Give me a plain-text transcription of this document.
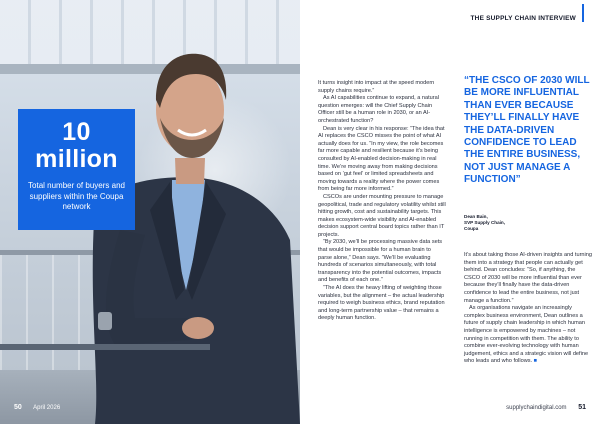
10 million
Total number of buyers and suppliers within the Coupa network
50 April 2026
THE SUPPLY CHAIN INTERVIEW

It turns insight into impact at the speed modern supply chains require.”

As AI capabilities continue to expand, a natural question emerges: will the Chief Supply Chain Officer still be a human role in 2030, or an AI-orchestrated function?

Dean is very clear in his response: “The idea that AI replaces the CSCO misses the point of what AI actually does for us. “In my view, the role becomes far more capable and resilient because it’s being consulted by AI-enabled decision-making in real time. We’re moving away from making decisions based on ‘gut feel’ or limited spreadsheets and moving towards a reality where the power comes from being far more informed.”

CSCOs are under mounting pressure to manage geopolitical, trade and regulatory volatility whilst still hitting growth, cost and sustainability targets. This makes ecosystem-wide visibility and AI-enabled decision support central board topics rather than IT projects.

“By 2030, we’ll be processing massive data sets that would be impossible for a human brain to parse alone,” Dean says. “We’ll be evaluating hundreds of scenarios simultaneously, with total transparency into the potential outcomes, impacts and benefits of each one.”

“The AI does the heavy lifting of weighting those variables, but the alignment – the actual leadership required to weigh business ethics, brand reputation and long-term partnership value – that remains a deeply human function.

“THE CSCO OF 2030 WILL BE MORE INFLUENTIAL THAN EVER BECAUSE THEY’LL FINALLY HAVE THE DATA-DRIVEN CONFIDENCE TO LEAD THE ENTIRE BUSINESS, NOT JUST MANAGE A FUNCTION”
Dean Bain,
SVP Supply Chain,
Coupa

It’s about taking those AI-driven insights and turning them into a strategy that people can actually get behind. Dean concludes: “So, if anything, the CSCO of 2030 will be more influential than ever because they’ll finally have the data-driven confidence to lead the entire business, not just manage a function.”

As organisations navigate an increasingly complex business environment, Dean outlines a future of supply chain leadership in which human intelligence is empowered by machines – not running in competition with them. The ability to combine ever-evolving technology with human judgement, ethics and a strategic vision will define who leads and who follows. ■

supplychaindigital.com 51
